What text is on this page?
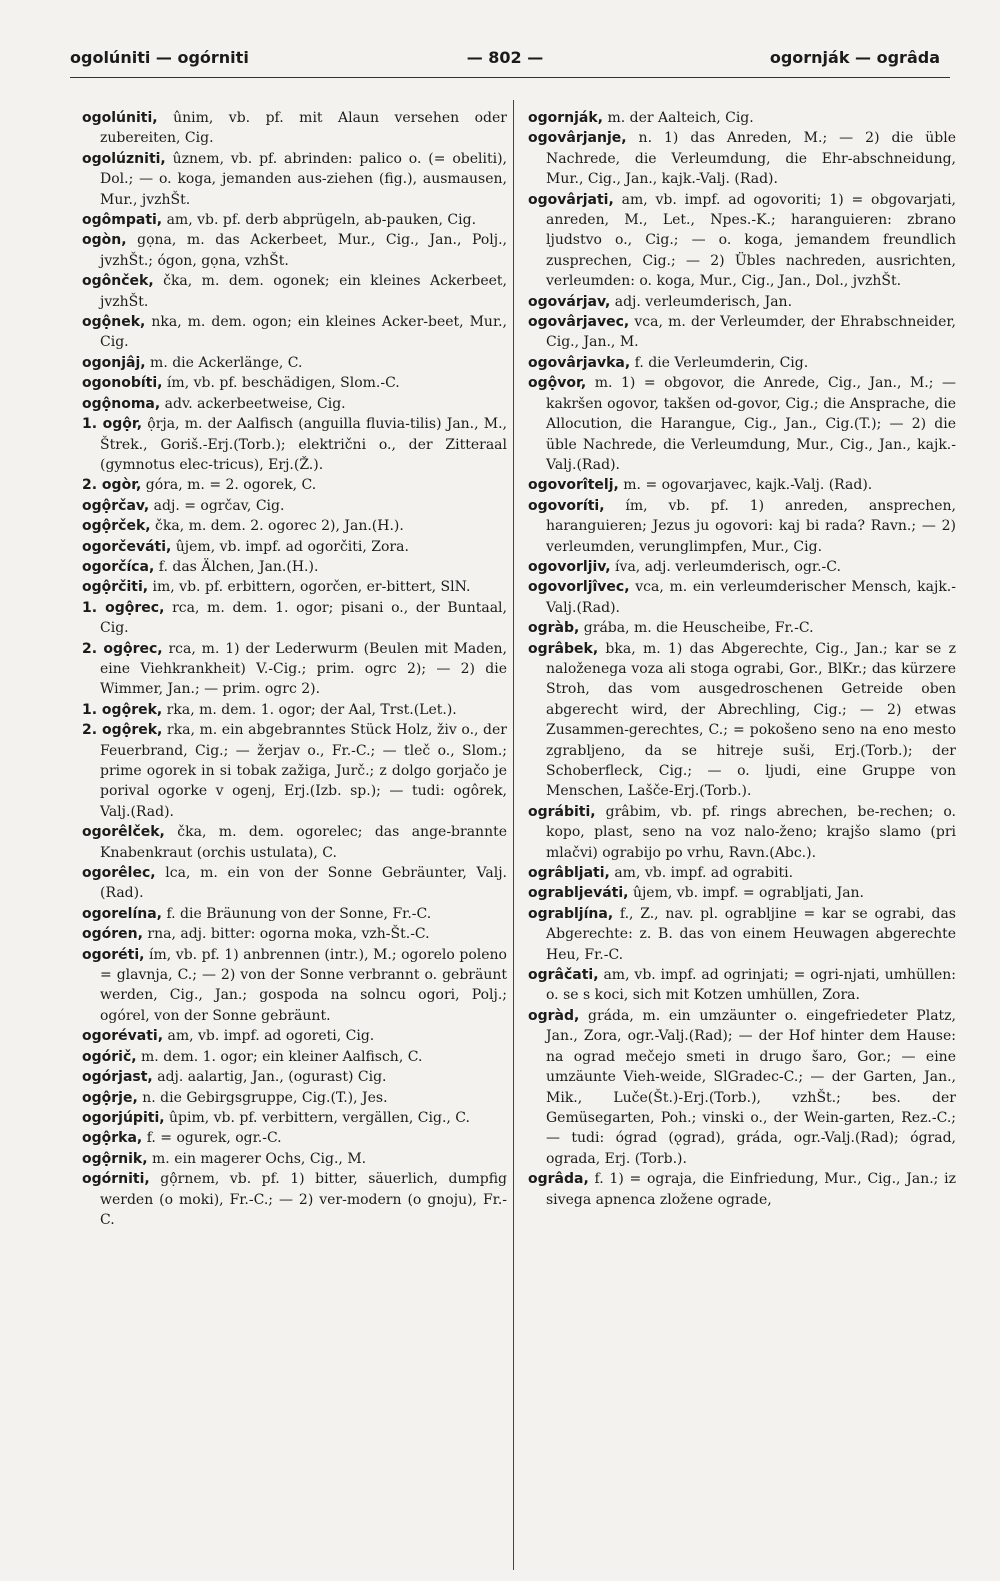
ogolúniti — ogórniti	— 802 —	ogornják — ogrâda
ogolúniti, ûnim, vb. pf. mit Alaun versehen oder zubereiten, Cig.
ogolúzniti, ûznem, vb. pf. abrinden: palico o. (= obeliti), Dol.; — o. koga, jemanden aus-ziehen (fig.), ausmausen, Mur., jvzhŠt.
ogômpati, am, vb. pf. derb abprügeln, ab-pauken, Cig.
ogòn, gọna, m. das Ackerbeet, Mur., Cig., Jan., Polj., jvzhŠt.; ógon, gọna, vzhŠt.
ogônček, čka, m. dem. ogonek; ein kleines Ackerbeet, jvzhŠt.
ogộnek, nka, m. dem. ogon; ein kleines Acker-beet, Mur., Cig.
ogonjâj, m. die Ackerlänge, C.
ogonobíti, ím, vb. pf. beschädigen, Slom.-C.
ogộnoma, adv. ackerbeetweise, Cig.
1. ogộr, ộrja, m. der Aalfisch (anguilla fluvia-tilis) Jan., M., Štrek., Goriš.-Erj.(Torb.); električni o., der Zitteraal (gymnotus elec-tricus), Erj.(Ž.).
2. ogòr, góra, m. = 2. ogorek, C.
ogộrčav, adj. = ogrčav, Cig.
ogộrček, čka, m. dem. 2. ogorec 2), Jan.(H.).
ogorčeváti, ûjem, vb. impf. ad ogorčiti, Zora.
ogorčíca, f. das Älchen, Jan.(H.).
ogộrčiti, im, vb. pf. erbittern, ogorčen, er-bittert, SlN.
1. ogộrec, rca, m. dem. 1. ogor; pisani o., der Buntaal, Cig.
2. ogộrec, rca, m. 1) der Lederwurm (Beulen mit Maden, eine Viehkrankheit) V.-Cig.; prim. ogrc 2); — 2) die Wimmer, Jan.; — prim. ogrc 2).
1. ogộrek, rka, m. dem. 1. ogor; der Aal, Trst.(Let.).
2. ogộrek, rka, m. ein abgebranntes Stück Holz, živ o., der Feuerbrand, Cig.; — žerjav o., Fr.-C.; — tleč o., Slom.; prime ogorek in si tobak zažiga, Jurč.; z dolgo gorjačo je porival ogorke v ogenj, Erj.(Izb. sp.); — tudi: ogôrek, Valj.(Rad).
ogorêlček, čka, m. dem. ogorelec; das ange-brannte Knabenkraut (orchis ustulata), C.
ogorêlec, lca, m. ein von der Sonne Gebräunter, Valj.(Rad).
ogorelína, f. die Bräunung von der Sonne, Fr.-C.
ogóren, rna, adj. bitter: ogorna moka, vzh-Št.-C.
ogoréti, ím, vb. pf. 1) anbrennen (intr.), M.; ogorelo poleno = glavnja, C.; — 2) von der Sonne verbrannt o. gebräunt werden, Cig., Jan.; gospoda na solncu ogori, Polj.; ogórel, von der Sonne gebräunt.
ogorévati, am, vb. impf. ad ogoreti, Cig.
ogórič, m. dem. 1. ogor; ein kleiner Aalfisch, C.
ogórjast, adj. aalartig, Jan., (ogurast) Cig.
ogộrje, n. die Gebirgsgruppe, Cig.(T.), Jes.
ogorjúpiti, ûpim, vb. pf. verbittern, vergällen, Cig., C.
ogộrka, f. = ogurek, ogr.-C.
ogộrnik, m. ein magerer Ochs, Cig., M.
ogórniti, gộrnem, vb. pf. 1) bitter, säuerlich, dumpfig werden (o moki), Fr.-C.; — 2) ver-modern (o gnoju), Fr.-C.
ogornják, m. der Aalteich, Cig.
ogovârjanje, n. 1) das Anreden, M.; — 2) die üble Nachrede, die Verleumdung, die Ehr-abschneidung, Mur., Cig., Jan., kajk.-Valj. (Rad).
ogovârjati, am, vb. impf. ad ogovoriti; 1) = obgovarjati, anreden, M., Let., Npes.-K.; haranguieren: zbrano ljudstvo o., Cig.; — o. koga, jemandem freundlich zusprechen, Cig.; — 2) Übles nachreden, ausrichten, verleumden: o. koga, Mur., Cig., Jan., Dol., jvzhŠt.
ogovárjav, adj. verleumderisch, Jan.
ogovârjavec, vca, m. der Verleumder, der Ehrabschneider, Cig., Jan., M.
ogovârjavka, f. die Verleumderin, Cig.
ogộvor, m. 1) = obgovor, die Anrede, Cig., Jan., M.; — kakršen ogovor, takšen od-govor, Cig.; die Ansprache, die Allocution, die Harangue, Cig., Jan., Cig.(T.); — 2) die üble Nachrede, die Verleumdung, Mur., Cig., Jan., kajk.-Valj.(Rad).
ogovorîtelj, m. = ogovarjavec, kajk.-Valj. (Rad).
ogovoríti, ím, vb. pf. 1) anreden, ansprechen, haranguieren; Jezus ju ogovori: kaj bi rada? Ravn.; — 2) verleumden, verunglimpfen, Mur., Cig.
ogovorljiv, íva, adj. verleumderisch, ogr.-C.
ogovorljîvec, vca, m. ein verleumderischer Mensch, kajk.-Valj.(Rad).
ogràb, grába, m. die Heuscheibe, Fr.-C.
ogrâbek, bka, m. 1) das Abgerechte, Cig., Jan.; kar se z naloženega voza ali stoga ograbi, Gor., BlKr.; das kürzere Stroh, das vom ausgedroschenen Getreide oben abgerecht wird, der Abrechling, Cig.; — 2) etwas Zusammen-gerechtes, C.; = pokošeno seno na eno mesto zgrabljeno, da se hitreje suši, Erj.(Torb.); der Schoberfleck, Cig.; — o. ljudi, eine Gruppe von Menschen, Lašče-Erj.(Torb.).
ográbiti, grâbim, vb. pf. rings abrechen, be-rechen; o. kopo, plast, seno na voz nalo-ženo; krajšo slamo (pri mlačvi) ograbijo po vrhu, Ravn.(Abc.).
ogrâbljati, am, vb. impf. ad ograbiti.
ograbljeváti, ûjem, vb. impf. = ograbljati, Jan.
ograbljína, f., Z., nav. pl. ograbljine = kar se ograbi, das Abgerechte: z. B. das von einem Heuwagen abgerechte Heu, Fr.-C.
ogrâčati, am, vb. impf. ad ogrinjati; = ogri-njati, umhüllen: o. se s koci, sich mit Kotzen umhüllen, Zora.
ogràd, gráda, m. ein umzäunter o. eingefriedeter Platz, Jan., Zora, ogr.-Valj.(Rad); — der Hof hinter dem Hause: na ograd mečejo smeti in drugo šaro, Gor.; — eine umzäunte Vieh-weide, SlGradec-C.; — der Garten, Jan., Mik., Luče(Št.)-Erj.(Torb.), vzhŠt.; bes. der Gemüsegarten, Poh.; vinski o., der Wein-garten, Rez.-C.; — tudi: ógrad (ǫgrad), gráda, ogr.-Valj.(Rad); ógrad, ograda, Erj. (Torb.).
ogrâda, f. 1) = ograja, die Einfriedung, Mur., Cig., Jan.; iz sivega apnenca zložene ograde,
